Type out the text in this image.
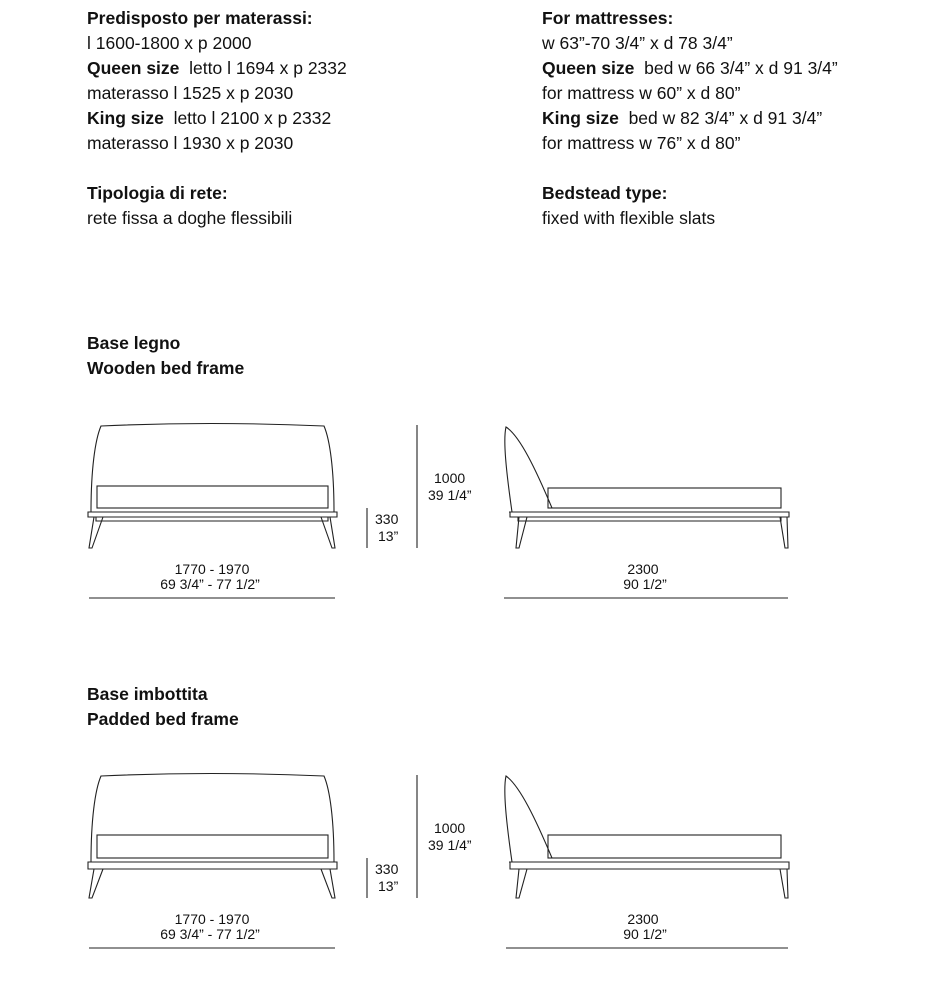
Predisposto per materassi:

l 1600-1800 x p 2000

Queen size letto l 1694 x p 2332

materasso l 1525 x p 2030

King size letto l 2100 x p 2332

materasso l 1930 x p 2030

Tipologia di rete:

rete fissa a doghe flessibili

For mattresses:

w 63”-70 3/4” x d 78 3/4”

Queen size bed w 66 3/4” x d 91 3/4”

for mattress w 60” x d 80”

King size bed w 82 3/4” x d 91 3/4”

for mattress w 76” x d 80”

Bedstead type:

fixed with flexible slats

Base legno
Wooden bed frame
Base imbottita
Padded bed frame
330
13”
1000
39 1/4”
1770 - 1970
69 3/4” - 77 1/2”
2300
90 1/2”
330
13”
1000
39 1/4”
1770 - 1970
69 3/4” - 77 1/2”
2300
90 1/2”
